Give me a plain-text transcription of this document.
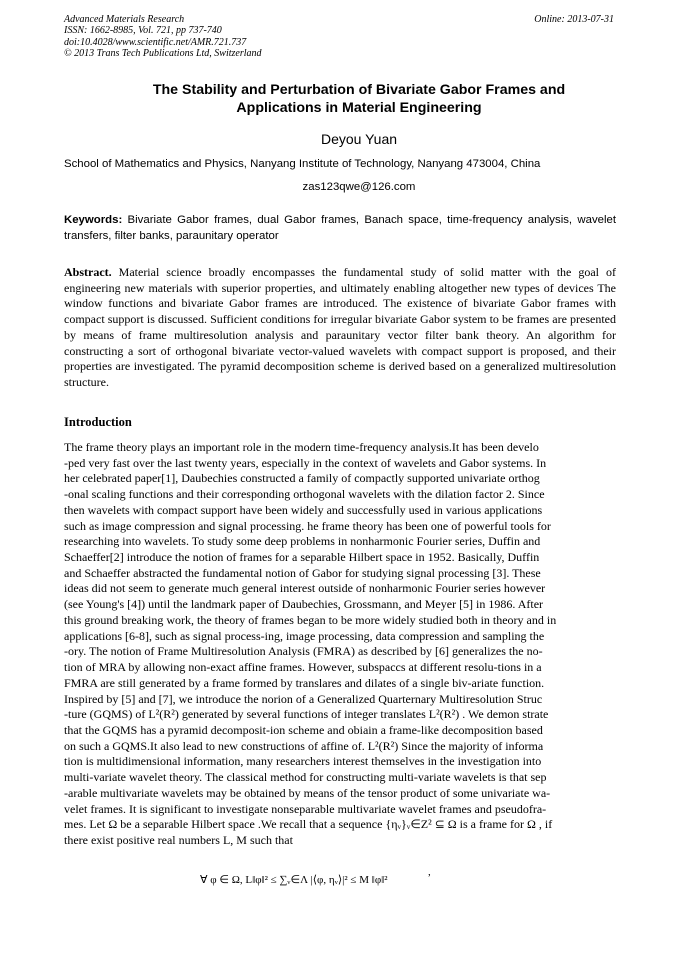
Advanced Materials Research
ISSN: 1662-8985, Vol. 721, pp 737-740
doi:10.4028/www.scientific.net/AMR.721.737
© 2013 Trans Tech Publications Ltd, Switzerland
Online: 2013-07-31
The Stability and Perturbation of Bivariate Gabor Frames and
Applications in Material Engineering
Deyou Yuan
School of Mathematics and Physics, Nanyang Institute of Technology, Nanyang 473004, China
zas123qwe@126.com
Keywords: Bivariate Gabor frames, dual Gabor frames, Banach space, time-frequency analysis, wavelet transfers, filter banks, paraunitary operator
Abstract. Material science broadly encompasses the fundamental study of solid matter with the goal of engineering new materials with superior properties, and ultimately enabling altogether new types of devices The window functions and bivariate Gabor frames are introduced. The existence of bivariate Gabor frames with compact support is discussed. Sufficient conditions for irregular bivariate Gabor system to be frames are presented by means of frame multiresolution analysis and paraunitary vector filter bank theory. An algorithm for constructing a sort of orthogonal bivariate vector-valued wavelets with compact support is proposed, and their properties are investigated. The pyramid decomposition scheme is derived based on a generalized multiresolution structure.
Introduction
The frame theory plays an important role in the modern time-frequency analysis.It has been develo
-ped very fast over the last twenty years, especially in the context of wavelets and Gabor systems. In
her celebrated paper[1], Daubechies constructed a family of compactly supported univariate orthog
-onal scaling functions and their corresponding orthogonal wavelets with the dilation factor 2. Since
then wavelets with compact support have been widely and successfully used in various applications
such as image compression and signal processing. he frame theory has been one of powerful tools for
researching into wavelets. To study some deep problems in nonharmonic Fourier series, Duffin and
Schaeffer[2] introduce the notion of frames for a separable Hilbert space in 1952. Basically, Duffin
and Schaeffer abstracted the fundamental notion of Gabor for studying signal processing [3]. These
ideas did not seem to generate much general interest outside of nonharmonic Fourier series however
(see Young's [4]) until the landmark paper of Daubechies, Grossmann, and Meyer [5] in 1986. After
this ground breaking work, the theory of frames began to be more widely studied both in theory and in
applications [6-8], such as signal process-ing, image processing, data compression and sampling the
-ory. The notion of Frame Multiresolution Analysis (FMRA) as described by [6] generalizes the no-
tion of MRA by allowing non-exact affine frames. However, subspaccs at different resolu-tions in a
FMRA are still generated by a frame formed by translares and dilates of a single biv-ariate function.
Inspired by [5] and [7], we introduce the norion of a Generalized Quarternary Multiresolution Struc
-ture (GQMS) of L²(R²) generated by several functions of integer translates L²(R²) . We demon strate
that the GQMS has a pyramid decomposit-ion scheme and obiain a frame-like decomposition based
on such a GQMS.It also lead to new constructions of affine of. L²(R²) Since the majority of informa
tion is multidimensional information, many researchers interest themselves in the investigation into
multi-variate wavelet theory. The classical method for constructing multi-variate wavelets is that sep
-arable multivariate wavelets may be obtained by means of the tensor product of some univariate wa-
velet frames. It is significant to investigate nonseparable multivariate wavelet frames and pseudofra-
mes. Let Ω be a separable Hilbert space .We recall that a sequence {ηᵥ}ᵥ∈Z² ⊆ Ω is a frame for Ω , if
there exist positive real numbers L, M such that
∀ φ ∈ Ω, L‖φ‖² ≤ ∑ᵥ∈Λ |⟨φ, ηᵥ⟩|² ≤ M ‖φ‖²
,
